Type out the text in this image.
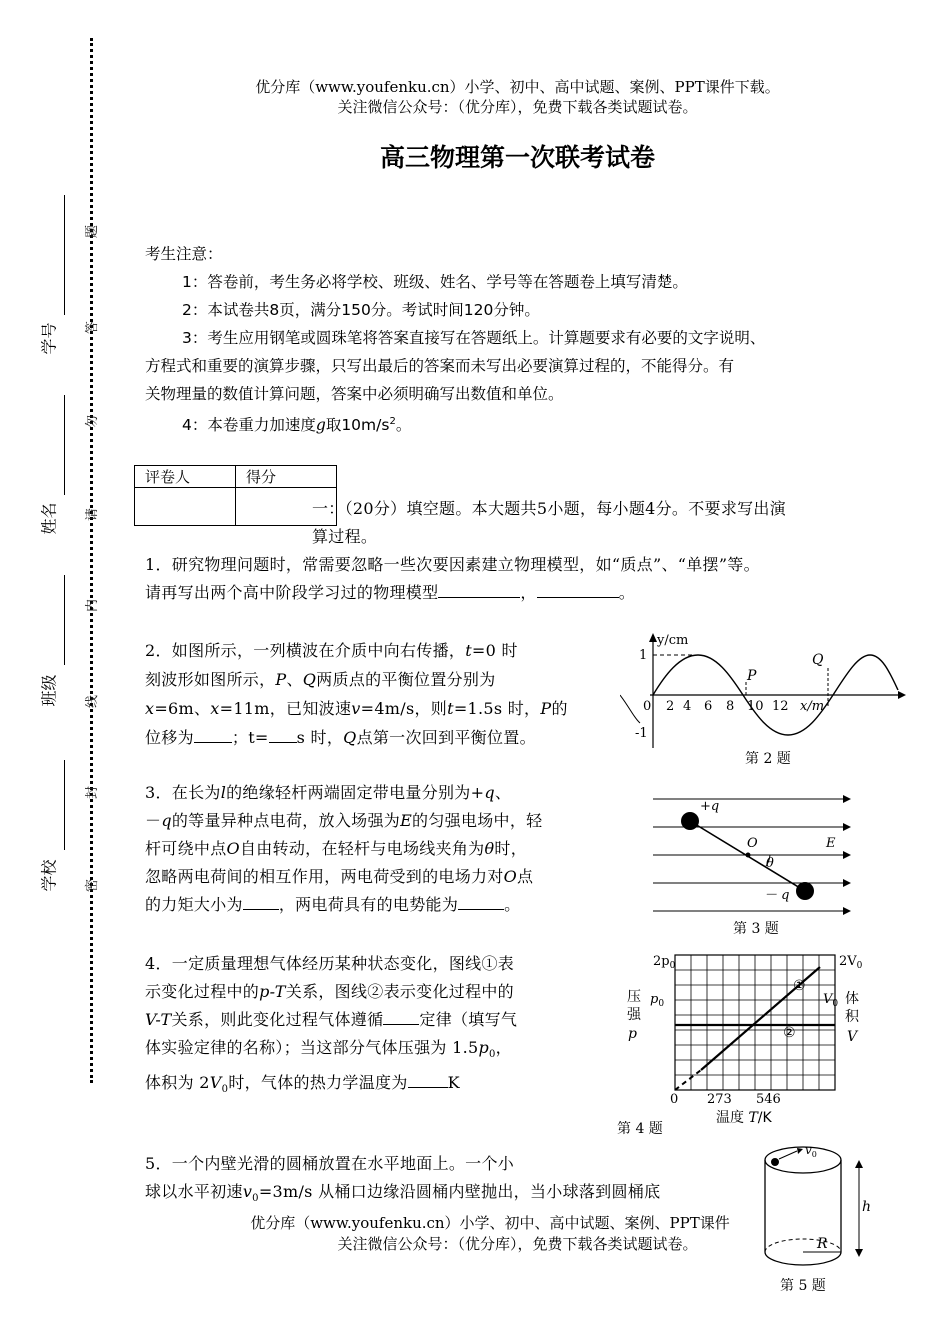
学号
姓名
班级
学校
题
答
勿
请
内
线
封
密
优分库（www.youfenku.cn）小学、初中、高中试题、案例、PPT课件下载。
关注微信公众号：（优分库），免费下载各类试题试卷。
高三物理第一次联考试卷
考生注意：
1：答卷前，考生务必将学校、班级、姓名、学号等在答题卷上填写清楚。
2：本试卷共8页，满分150分。考试时间120分钟。
3：考生应用钢笔或圆珠笔将答案直接写在答题纸上。计算题要求有必要的文字说明、
方程式和重要的演算步骤，只写出最后的答案而未写出必要演算过程的，不能得分。有
关物理量的数值计算问题，答案中必须明确写出数值和单位。
4：本卷重力加速度g取$10m/s^2$。
评卷人	得分

一：（20分）填空题。本大题共5小题，每小题4分。不要求写出演
算过程。
1．研究物理问题时，常需要忽略一些次要因素建立物理模型，如“质点”、“单摆”等。
请再写出两个高中阶段学习过的物理模型	，	。
2．如图所示，一列横波在介质中向右传播，t=0 时
刻波形如图所示，P、Q两质点的平衡位置分别为
x=6m、x=11m，已知波速v=4m/s，则t=1.5s 时，P的
位移为 ；t= s 时，Q点第一次回到平衡位置。
y/cm
1
-1
0 2 4 6 8 10 12 x/m
P
Q
第 2 题
3．在长为l的绝缘轻杆两端固定带电量分别为+q、
－q的等量异种点电荷，放入场强为E的匀强电场中，轻
杆可绕中点O自由转动，在轻杆与电场线夹角为θ时，
忽略两电荷间的相互作用，两电荷受到的电场力对O点
的力矩大小为 ，两电荷具有的电势能为	。
+q
O	E
θ
－ q
第 3 题
4．一定质量理想气体经历某种状态变化，图线①表
示变化过程中的p-T关系，图线②表示变化过程中的
V-T关系，则此变化过程气体遵循 定律（填写气
体实验定律的名称）；当这部分气体压强为 $1.5p_0$，
体积为 $2V_0$时，气体的热力学温度为	K
$2p_0$
$p_0$
$2V_0$
$V_0$
压
强
p
体
积
V
①
②
0 273 546
温度 T/K
第 4 题
5．一个内壁光滑的圆桶放置在水平地面上。一个小
球以水平初速$v_0=3m/s$ 从桶口边缘沿圆桶内壁抛出，当小球落到圆桶底
$v_0$
h
R
第 5 题
优分库（www.youfenku.cn）小学、初中、高中试题、案例、PPT课件
关注微信公众号：（优分库），免费下载各类试题试卷。
